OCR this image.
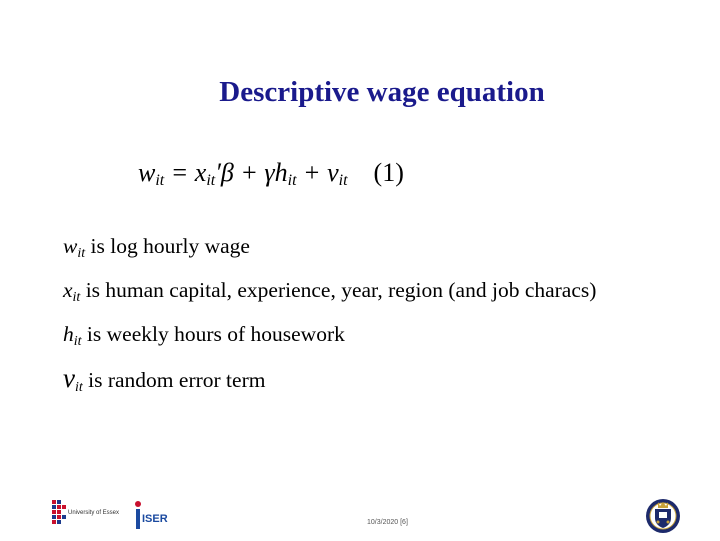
Descriptive wage equation
$w_{it} = x_{it}'\beta + \gamma h_{it} + v_{it}$ (1)
$w_{it}$ is log hourly wage
$x_{it}$ is human capital, experience, year, region (and job characs)
$h_{it}$ is weekly hours of housework
$v_{it}$ is random error term
University of Essex ISER	10/3/2020 [6]
